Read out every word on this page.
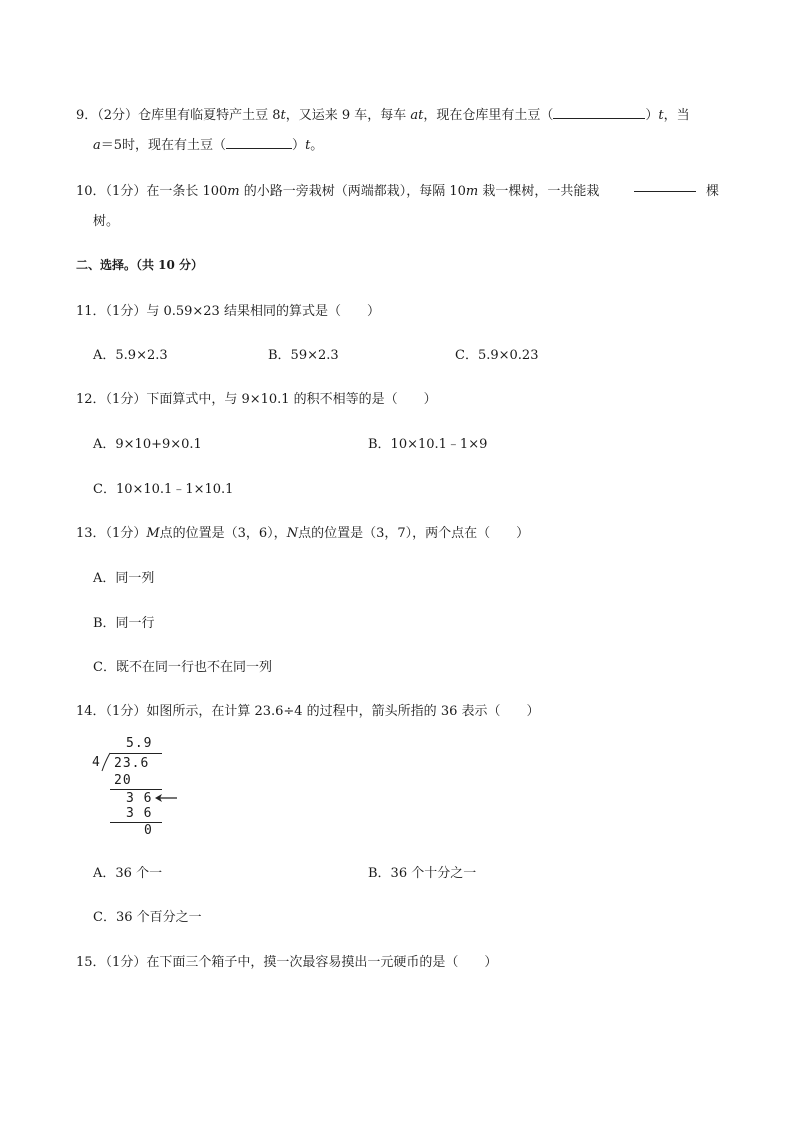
9．（2分）仓库里有临夏特产土豆 8t，又运来 9 车，每车 at，现在仓库里有土豆（	）t，当
a＝5时，现在有土豆（	）t。
10．（1分）在一条长 100m 的小路一旁栽树（两端都栽），每隔 10m 栽一棵树，一共能栽	棵
树。
二、选择。（共 10 分）
11．（1分）与 0.59×23 结果相同的算式是（　　）
A．5.9×2.3	B．59×2.3	C．5.9×0.23
12．（1分）下面算式中，与 9×10.1 的积不相等的是（　　）
A．9×10+9×0.1	B．10×10.1﹣1×9
C．10×10.1﹣1×10.1
13．（1分）M点的位置是（3，6），N点的位置是（3，7），两个点在（　　）
A．同一列
B．同一行
C．既不在同一行也不在同一列
14．（1分）如图所示，在计算 23.6÷4 的过程中，箭头所指的 36 表示（　　）
5.9
4 23.6
20
3 6
3 6
0
A．36 个一	B．36 个十分之一
C．36 个百分之一
15．（1分）在下面三个箱子中，摸一次最容易摸出一元硬币的是（　　）
